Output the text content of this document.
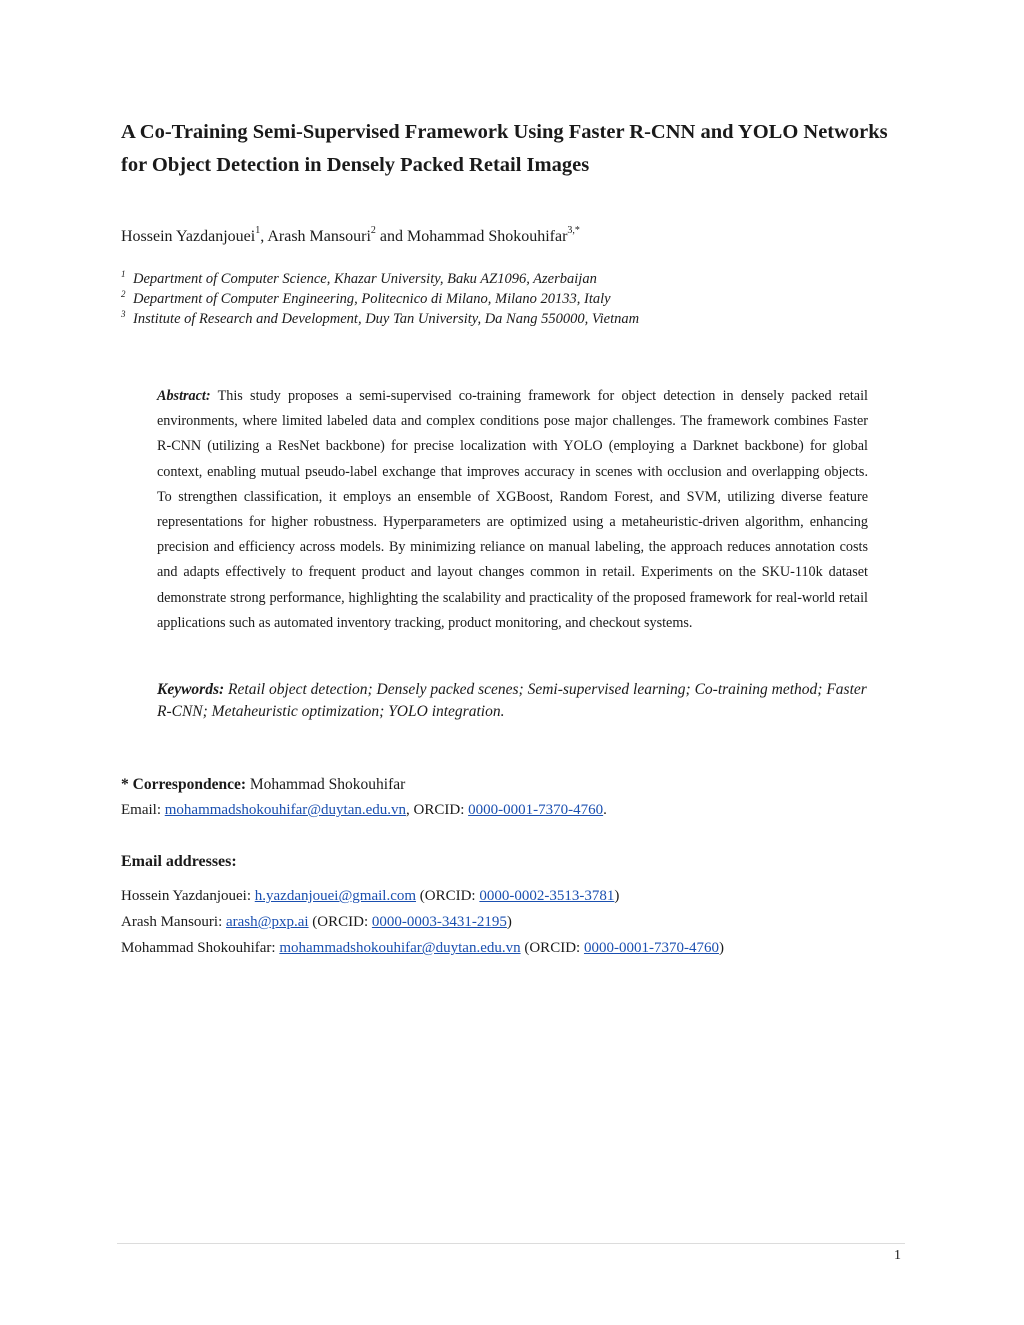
A Co-Training Semi-Supervised Framework Using Faster R-CNN and YOLO Networks
for Object Detection in Densely Packed Retail Images
Hossein Yazdanjouei$^1$, Arash Mansouri$^2$ and Mohammad Shokouhifar$^{3,*}$
1 Department of Computer Science, Khazar University, Baku AZ1096, Azerbaijan
2 Department of Computer Engineering, Politecnico di Milano, Milano 20133, Italy
3 Institute of Research and Development, Duy Tan University, Da Nang 550000, Vietnam

Abstract: This study proposes a semi-supervised co-training framework for object detection in densely packed retail environments, where limited labeled data and complex conditions pose major challenges. The framework combines Faster R-CNN (utilizing a ResNet backbone) for precise localization with YOLO (employing a Darknet backbone) for global context, enabling mutual pseudo-label exchange that improves accuracy in scenes with occlusion and overlapping objects. To strengthen classification, it employs an ensemble of XGBoost, Random Forest, and SVM, utilizing diverse feature representations for higher robustness. Hyperparameters are optimized using a metaheuristic-driven algorithm, enhancing precision and efficiency across models. By minimizing reliance on manual labeling, the approach reduces annotation costs and adapts effectively to frequent product and layout changes common in retail. Experiments on the SKU-110k dataset demonstrate strong performance, highlighting the scalability and practicality of the proposed framework for real-world retail applications such as automated inventory tracking, product monitoring, and checkout systems.

Keywords: Retail object detection; Densely packed scenes; Semi-supervised learning; Co-training method; Faster R-CNN; Metaheuristic optimization; YOLO integration.
* Correspondence: Mohammad Shokouhifar
Email: mohammadshokouhifar@duytan.edu.vn, ORCID: 0000-0001-7370-4760.
Email addresses:
Hossein Yazdanjouei: h.yazdanjouei@gmail.com (ORCID: 0000-0002-3513-3781)
Arash Mansouri: arash@pxp.ai (ORCID: 0000-0003-3431-2195)
Mohammad Shokouhifar: mohammadshokouhifar@duytan.edu.vn (ORCID: 0000-0001-7370-4760)
1
